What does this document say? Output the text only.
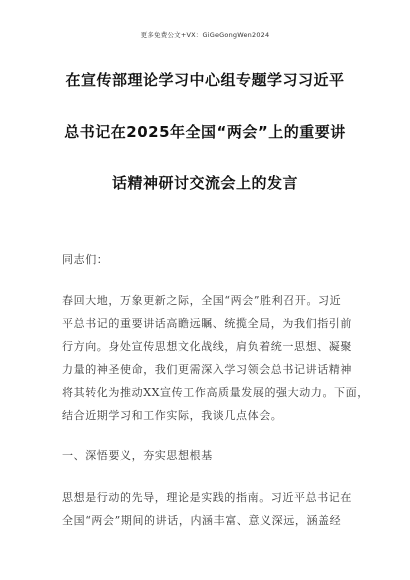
更多免费公文+VX：GiGeGongWen2024
在宣传部理论学习中心组专题学习习近平
总书记在2025年全国“两会”上的重要讲
话精神研讨交流会上的发言
同志们：
春回大地，万象更新之际，全国“两会”胜利召开。习近
平总书记的重要讲话高瞻远瞩、统揽全局，为我们指引前
行方向。身处宣传思想文化战线，肩负着统一思想、凝聚
力量的神圣使命，我们更需深入学习领会总书记讲话精神
将其转化为推动XX宣传工作高质量发展的强大动力。下面，
结合近期学习和工作实际，我谈几点体会。
一、深悟要义，夯实思想根基
思想是行动的先导，理论是实践的指南。习近平总书记在
全国“两会”期间的讲话，内涵丰富、意义深远，涵盖经
